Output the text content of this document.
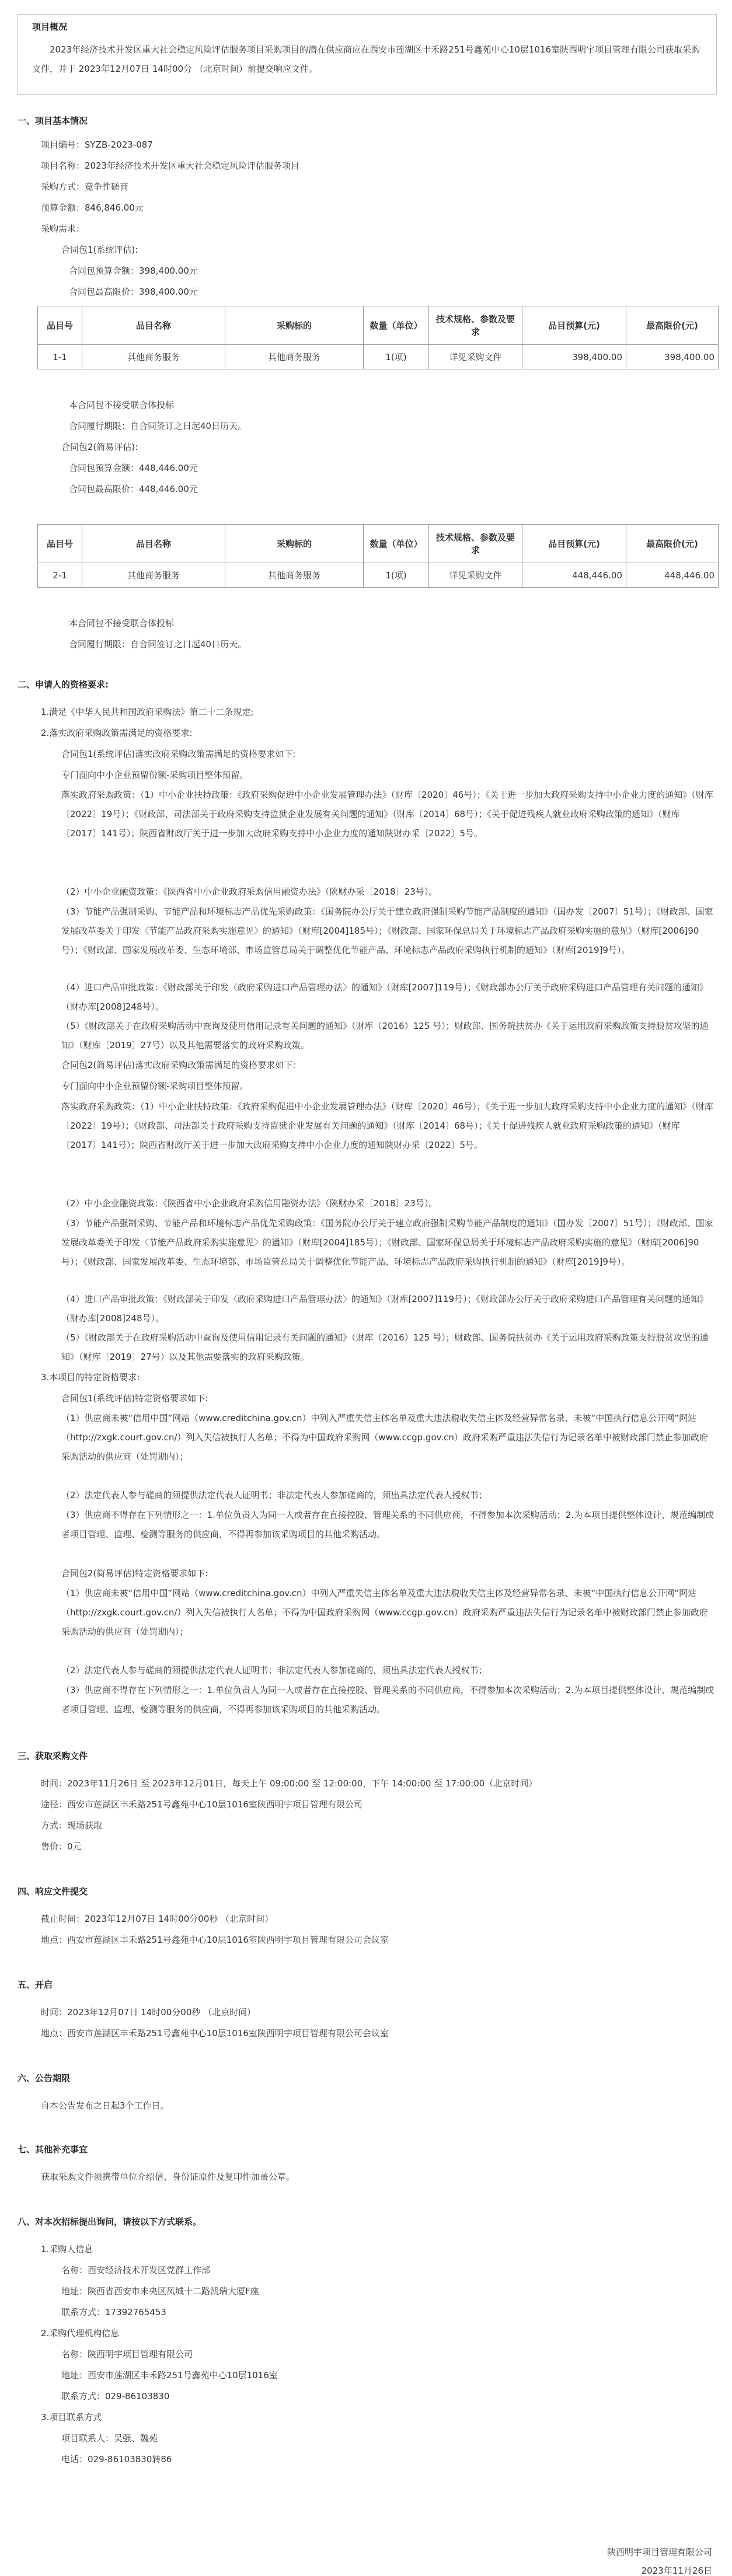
项目概况
2023年经济技术开发区重大社会稳定风险评估服务项目采购项目的潜在供应商应在西安市莲湖区丰禾路251号鑫苑中心10层1016室陕西明宇项目管理有限公司获取采购文件，并于 2023年12月07日 14时00分 （北京时间）前提交响应文件。
一、项目基本情况
项目编号：SYZB-2023-087
项目名称：2023年经济技术开发区重大社会稳定风险评估服务项目
采购方式：竞争性磋商
预算金额：846,846.00元
采购需求：
合同包1(系统评估):
合同包预算金额：398,400.00元
合同包最高限价：398,400.00元
品目号	品目名称	采购标的	数量（单位）	技术规格、参数及要求	品目预算(元)	最高限价(元)
1-1	其他商务服务	其他商务服务	1(项)	详见采购文件	398,400.00	398,400.00
本合同包不接受联合体投标
合同履行期限：自合同签订之日起40日历天。
合同包2(简易评估):
合同包预算金额：448,446.00元
合同包最高限价：448,446.00元
品目号	品目名称	采购标的	数量（单位）	技术规格、参数及要求	品目预算(元)	最高限价(元)
2-1	其他商务服务	其他商务服务	1(项)	详见采购文件	448,446.00	448,446.00
本合同包不接受联合体投标
合同履行期限：自合同签订之日起40日历天。
二、申请人的资格要求:
1.满足《中华人民共和国政府采购法》第二十二条规定;
2.落实政府采购政策需满足的资格要求:
合同包1(系统评估)落实政府采购政策需满足的资格要求如下:
专门面向中小企业预留份额-采购项目整体预留。
落实政府采购政策：（1）中小企业扶持政策：《政府采购促进中小企业发展管理办法》（财库〔2020〕46号）；《关于进一步加大政府采购支持中小企业力度的通知》（财库〔2022〕19号）；《财政部、司法部关于政府采购支持监狱企业发展有关问题的通知》（财库〔2014〕68号）；《关于促进残疾人就业政府采购政策的通知》（财库〔2017〕141号）；陕西省财政厅关于进一步加大政府采购支持中小企业力度的通知陕财办采〔2022〕5号。
（2）中小企业融资政策：《陕西省中小企业政府采购信用融资办法》（陕财办采〔2018〕23号）。
（3）节能产品强制采购、节能产品和环境标志产品优先采购政策：《国务院办公厅关于建立政府强制采购节能产品制度的通知》（国办发〔2007〕51号）；《财政部、国家发展改革委关于印发〈节能产品政府采购实施意见〉的通知》（财库[2004]185号）；《财政部、国家环保总局关于环境标志产品政府采购实施的意见》（财库[2006]90号）；《财政部、国家发展改革委、生态环境部、市场监管总局关于调整优化节能产品、环境标志产品政府采购执行机制的通知》（财库[2019]9号）。
（4）进口产品审批政策：《财政部关于印发〈政府采购进口产品管理办法〉的通知》（财库[2007]119号）；《财政部办公厅关于政府采购进口产品管理有关问题的通知》（财办库[2008]248号）。
（5）《财政部关于在政府采购活动中查询及使用信用记录有关问题的通知》（财库（2016）125 号）；财政部、国务院扶贫办《关于运用政府采购政策支持脱贫攻坚的通知》（财库〔2019〕27号）以及其他需要落实的政府采购政策。
合同包2(简易评估)落实政府采购政策需满足的资格要求如下:
专门面向中小企业预留份额-采购项目整体预留。
落实政府采购政策：（1）中小企业扶持政策：《政府采购促进中小企业发展管理办法》（财库〔2020〕46号）；《关于进一步加大政府采购支持中小企业力度的通知》（财库〔2022〕19号）；《财政部、司法部关于政府采购支持监狱企业发展有关问题的通知》（财库〔2014〕68号）；《关于促进残疾人就业政府采购政策的通知》（财库〔2017〕141号）；陕西省财政厅关于进一步加大政府采购支持中小企业力度的通知陕财办采〔2022〕5号。
（2）中小企业融资政策：《陕西省中小企业政府采购信用融资办法》（陕财办采〔2018〕23号）。
（3）节能产品强制采购、节能产品和环境标志产品优先采购政策：《国务院办公厅关于建立政府强制采购节能产品制度的通知》（国办发〔2007〕51号）；《财政部、国家发展改革委关于印发〈节能产品政府采购实施意见〉的通知》（财库[2004]185号）；《财政部、国家环保总局关于环境标志产品政府采购实施的意见》（财库[2006]90号）；《财政部、国家发展改革委、生态环境部、市场监管总局关于调整优化节能产品、环境标志产品政府采购执行机制的通知》（财库[2019]9号）。
（4）进口产品审批政策：《财政部关于印发〈政府采购进口产品管理办法〉的通知》（财库[2007]119号）；《财政部办公厅关于政府采购进口产品管理有关问题的通知》（财办库[2008]248号）。
（5）《财政部关于在政府采购活动中查询及使用信用记录有关问题的通知》（财库（2016）125 号）；财政部、国务院扶贫办《关于运用政府采购政策支持脱贫攻坚的通知》（财库〔2019〕27号）以及其他需要落实的政府采购政策。
3.本项目的特定资格要求:
合同包1(系统评估)特定资格要求如下:
（1）供应商未被“信用中国”网站（www.creditchina.gov.cn）中列入严重失信主体名单及重大违法税收失信主体及经营异常名录、未被“中国执行信息公开网”网站（http://zxgk.court.gov.cn/）列入失信被执行人名单；不得为中国政府采购网（www.ccgp.gov.cn）政府采购严重违法失信行为记录名单中被财政部门禁止参加政府采购活动的供应商（处罚期内）；
（2）法定代表人参与磋商的须提供法定代表人证明书；非法定代表人参加磋商的，须出具法定代表人授权书；
（3）供应商不得存在下列情形之一：1.单位负责人为同一人或者存在直接控股、管理关系的不同供应商，不得参加本次采购活动；2.为本项目提供整体设计、规范编制或者项目管理、监理、检测等服务的供应商，不得再参加该采购项目的其他采购活动。
合同包2(简易评估)特定资格要求如下:
（1）供应商未被“信用中国”网站（www.creditchina.gov.cn）中列入严重失信主体名单及重大违法税收失信主体及经营异常名录、未被“中国执行信息公开网”网站（http://zxgk.court.gov.cn/）列入失信被执行人名单；不得为中国政府采购网（www.ccgp.gov.cn）政府采购严重违法失信行为记录名单中被财政部门禁止参加政府采购活动的供应商（处罚期内）；
（2）法定代表人参与磋商的须提供法定代表人证明书；非法定代表人参加磋商的，须出具法定代表人授权书；
（3）供应商不得存在下列情形之一：1.单位负责人为同一人或者存在直接控股、管理关系的不同供应商，不得参加本次采购活动；2.为本项目提供整体设计、规范编制或者项目管理、监理、检测等服务的供应商，不得再参加该采购项目的其他采购活动。
三、获取采购文件
时间：2023年11月26日 至 2023年12月01日，每天上午 09:00:00 至 12:00:00，下午 14:00:00 至 17:00:00（北京时间）
途径：西安市莲湖区丰禾路251号鑫苑中心10层1016室陕西明宇项目管理有限公司
方式：现场获取
售价：0元
四、响应文件提交
截止时间：2023年12月07日 14时00分00秒 （北京时间）
地点：西安市莲湖区丰禾路251号鑫苑中心10层1016室陕西明宇项目管理有限公司会议室
五、开启
时间：2023年12月07日 14时00分00秒 （北京时间）
地点：西安市莲湖区丰禾路251号鑫苑中心10层1016室陕西明宇项目管理有限公司会议室
六、公告期限
自本公告发布之日起3个工作日。
七、其他补充事宜
获取采购文件须携带单位介绍信、身份证原件及复印件加盖公章。
八、对本次招标提出询问，请按以下方式联系。
1.采购人信息
名称：西安经济技术开发区党群工作部
地址：陕西省西安市未央区凤城十二路凯瑞大厦F座
联系方式：17392765453
2.采购代理机构信息
名称：陕西明宇项目管理有限公司
地址：西安市莲湖区丰禾路251号鑫苑中心10层1016室
联系方式：029-86103830
3.项目联系方式
项目联系人：吴强、魏苑
电话：029-86103830转86
陕西明宇项目管理有限公司
2023年11月26日
